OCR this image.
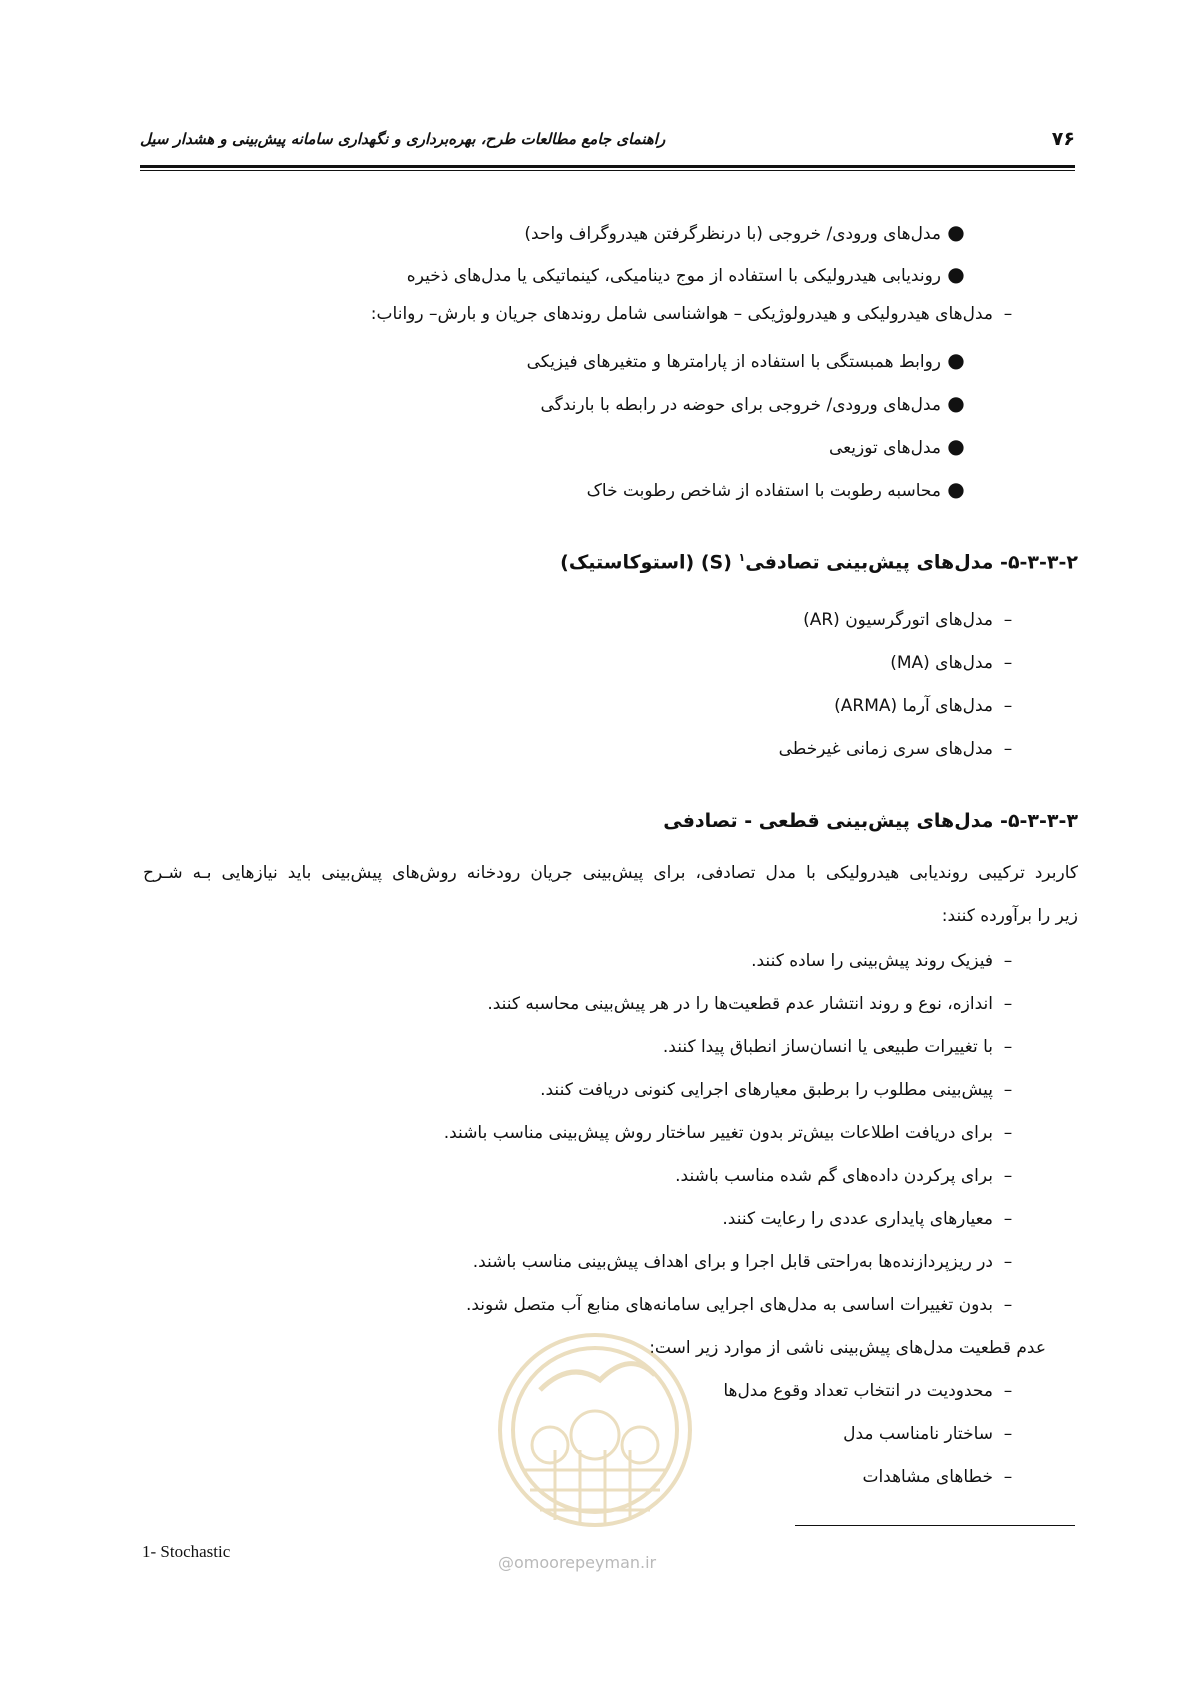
۷۶
راهنمای جامع مطالعات طرح، بهره‌برداری و نگهداری سامانه پیش‌بینی و هشدار سیل
●مدل‌های ورودی/ خروجی (با درنظرگرفتن هیدروگراف واحد)
●روندیابی هیدرولیکی با استفاده از موج دینامیکی، کینماتیکی یا مدل‌های ذخیره
–مدل‌های هیدرولیکی و هیدرولوژیکی – هواشناسی شامل روندهای جریان و بارش– رواناب:
●روابط همبستگی با استفاده از پارامترها و متغیرهای فیزیکی
●مدل‌های ورودی/ خروجی برای حوضه در رابطه با بارندگی
●مدل‌های توزیعی
●محاسبه رطوبت با استفاده از شاخص رطوبت خاک
۵-۳-۳-۲- مدل‌های پیش‌بینی تصادفی$^۱$ (S) (استوکاستیک)
–مدل‌های اتورگرسیون (AR)
–مدل‌های (MA)
–مدل‌های آرما (ARMA)
–مدل‌های سری زمانی غیرخطی
۵-۳-۳-۳- مدل‌های پیش‌بینی قطعی - تصادفی
کاربرد ترکیبی روندیابی هیدرولیکی با مدل تصادفی، برای پیش‌بینی جریان رودخانه روش‌های پیش‌بینی باید نیازهایی بـه شـرح
زیر را برآورده کنند:
–فیزیک روند پیش‌بینی را ساده کنند.
–اندازه، نوع و روند انتشار عدم قطعیت‌ها را در هر پیش‌بینی محاسبه کنند.
–با تغییرات طبیعی یا انسان‌ساز انطباق پیدا کنند.
–پیش‌بینی مطلوب را برطبق معیارهای اجرایی کنونی دریافت کنند.
–برای دریافت اطلاعات بیش‌تر بدون تغییر ساختار روش پیش‌بینی مناسب باشند.
–برای پرکردن داده‌های گم شده مناسب باشند.
–معیارهای پایداری عددی را رعایت کنند.
–در ریزپردازنده‌ها به‌راحتی قابل اجرا و برای اهداف پیش‌بینی مناسب باشند.
–بدون تغییرات اساسی به مدل‌های اجرایی سامانه‌های منابع آب متصل شوند.
عدم قطعیت مدل‌های پیش‌بینی ناشی از موارد زیر است:
–محدودیت در انتخاب تعداد وقوع مدل‌ها
–ساختار نامناسب مدل
–خطاهای مشاهدات
@omoorepeyman.ir
1- Stochastic
